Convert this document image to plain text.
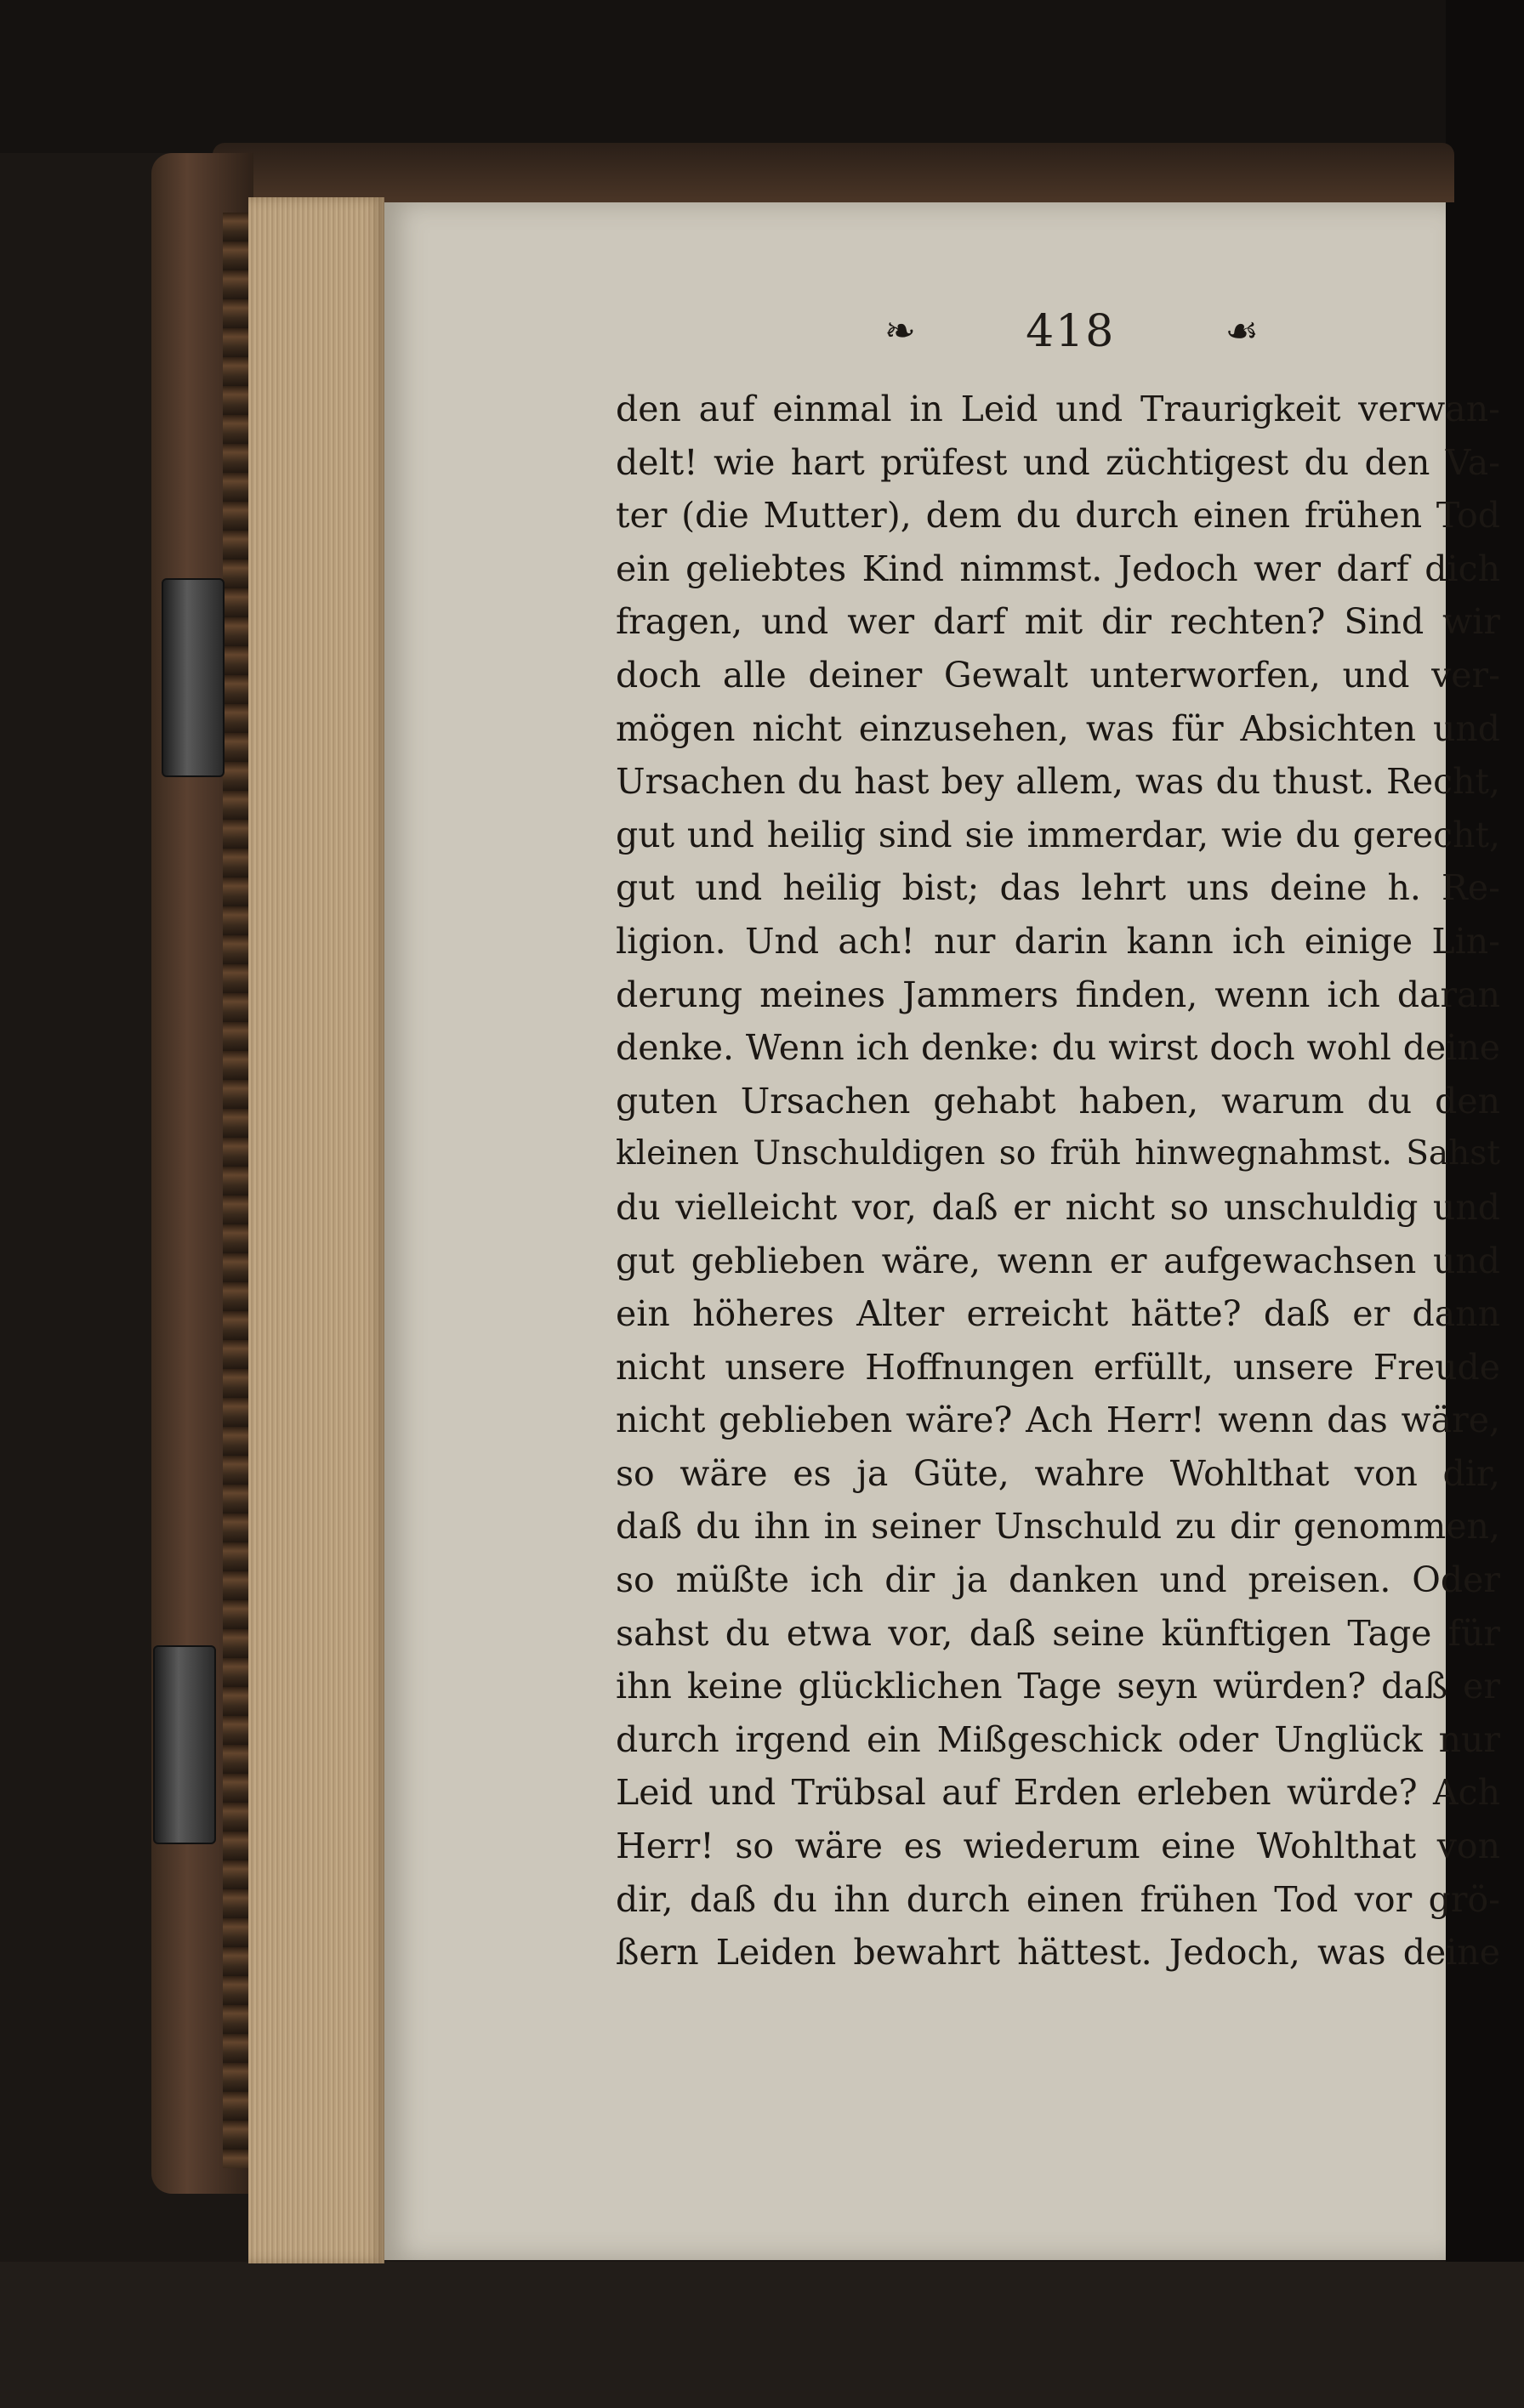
❧ 418	☙
den auf einmal in Leid und Traurigkeit verwan-
delt! wie hart prüfest und züchtigest du den Va-
ter (die Mutter), dem du durch einen frühen Tod
ein geliebtes Kind nimmst. Jedoch wer darf dich
fragen, und wer darf mit dir rechten? Sind wir
doch alle deiner Gewalt unterworfen, und ver-
mögen nicht einzusehen, was für Absichten und
Ursachen du hast bey allem, was du thust. Recht,
gut und heilig sind sie immerdar, wie du gerecht,
gut und heilig bist; das lehrt uns deine h. Re-
ligion. Und ach! nur darin kann ich einige Lin-
derung meines Jammers finden, wenn ich daran
denke. Wenn ich denke: du wirst doch wohl deine
guten Ursachen gehabt haben, warum du den
kleinen Unschuldigen so früh hinwegnahmst. Sahst
du vielleicht vor, daß er nicht so unschuldig und
gut geblieben wäre, wenn er aufgewachsen und
ein höheres Alter erreicht hätte? daß er dann
nicht unsere Hoffnungen erfüllt, unsere Freude
nicht geblieben wäre? Ach Herr! wenn das wäre,
so wäre es ja Güte, wahre Wohlthat von dir,
daß du ihn in seiner Unschuld zu dir genommen,
so müßte ich dir ja danken und preisen. Oder
sahst du etwa vor, daß seine künftigen Tage für
ihn keine glücklichen Tage seyn würden? daß er
durch irgend ein Mißgeschick oder Unglück nur
Leid und Trübsal auf Erden erleben würde? Ach
Herr! so wäre es wiederum eine Wohlthat von
dir, daß du ihn durch einen frühen Tod vor grö-
ßern Leiden bewahrt hättest. Jedoch, was deine
